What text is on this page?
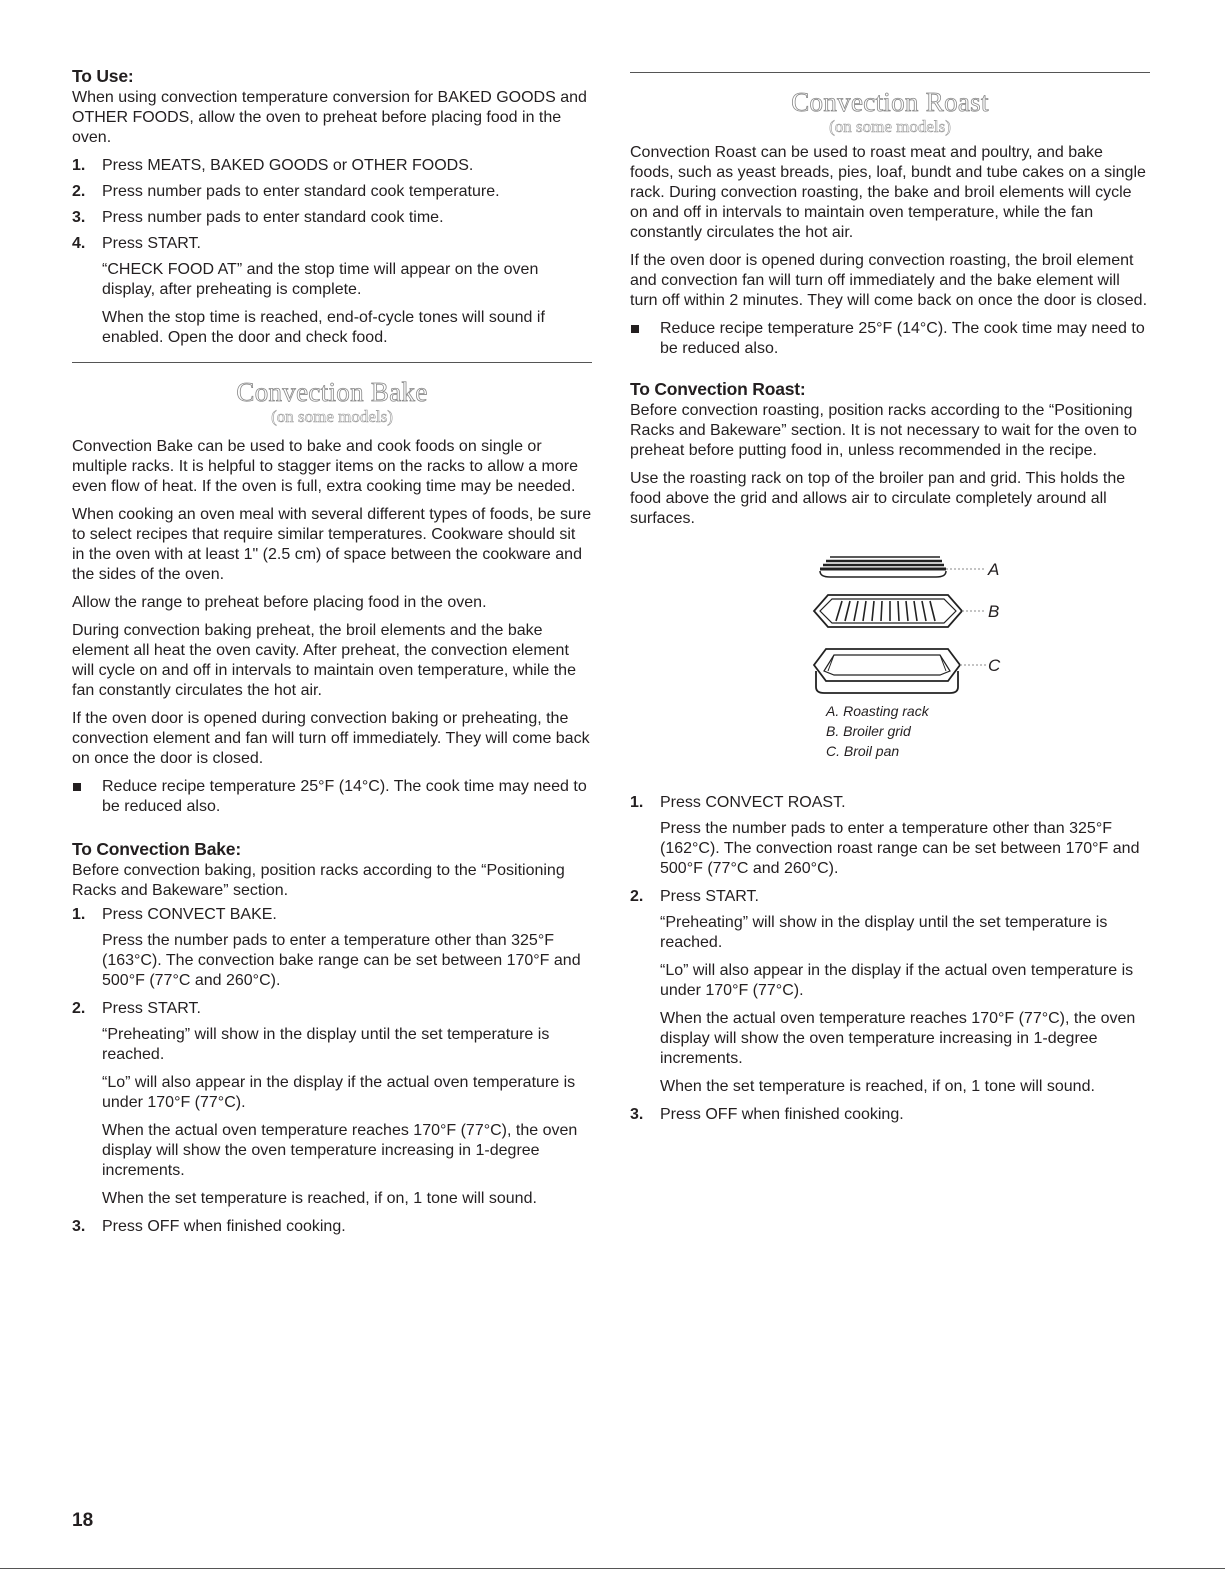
To Use:
When using convection temperature conversion for BAKED GOODS and OTHER FOODS, allow the oven to preheat before placing food in the oven.
1. Press MEATS, BAKED GOODS or OTHER FOODS.
2. Press number pads to enter standard cook temperature.
3. Press number pads to enter standard cook time.
4. Press START.
“CHECK FOOD AT” and the stop time will appear on the oven display, after preheating is complete.
When the stop time is reached, end-of-cycle tones will sound if enabled. Open the door and check food.
Convection Bake
(on some models)
Convection Bake can be used to bake and cook foods on single or multiple racks. It is helpful to stagger items on the racks to allow a more even flow of heat. If the oven is full, extra cooking time may be needed.
When cooking an oven meal with several different types of foods, be sure to select recipes that require similar temperatures. Cookware should sit in the oven with at least 1" (2.5 cm) of space between the cookware and the sides of the oven.
Allow the range to preheat before placing food in the oven.
During convection baking preheat, the broil elements and the bake element all heat the oven cavity. After preheat, the convection element will cycle on and off in intervals to maintain oven temperature, while the fan constantly circulates the hot air.
If the oven door is opened during convection baking or preheating, the convection element and fan will turn off immediately. They will come back on once the door is closed.
Reduce recipe temperature 25°F (14°C). The cook time may need to be reduced also.
To Convection Bake:
Before convection baking, position racks according to the “Positioning Racks and Bakeware” section.
1. Press CONVECT BAKE.
Press the number pads to enter a temperature other than 325°F (163°C). The convection bake range can be set between 170°F and 500°F (77°C and 260°C).
2. Press START.
“Preheating” will show in the display until the set temperature is reached.
“Lo” will also appear in the display if the actual oven temperature is under 170°F (77°C).
When the actual oven temperature reaches 170°F (77°C), the oven display will show the oven temperature increasing in 1-degree increments.
When the set temperature is reached, if on, 1 tone will sound.
3. Press OFF when finished cooking.
Convection Roast
(on some models)
Convection Roast can be used to roast meat and poultry, and bake foods, such as yeast breads, pies, loaf, bundt and tube cakes on a single rack. During convection roasting, the bake and broil elements will cycle on and off in intervals to maintain oven temperature, while the fan constantly circulates the hot air.
If the oven door is opened during convection roasting, the broil element and convection fan will turn off immediately and the bake element will turn off within 2 minutes. They will come back on once the door is closed.
Reduce recipe temperature 25°F (14°C). The cook time may need to be reduced also.
To Convection Roast:
Before convection roasting, position racks according to the “Positioning Racks and Bakeware” section. It is not necessary to wait for the oven to preheat before putting food in, unless recommended in the recipe.
Use the roasting rack on top of the broiler pan and grid. This holds the food above the grid and allows air to circulate completely around all surfaces.
A
B
C
A. Roasting rack
B. Broiler grid
C. Broil pan
1. Press CONVECT ROAST.
Press the number pads to enter a temperature other than 325°F (162°C). The convection roast range can be set between 170°F and 500°F (77°C and 260°C).
2. Press START.
“Preheating” will show in the display until the set temperature is reached.
“Lo” will also appear in the display if the actual oven temperature is under 170°F (77°C).
When the actual oven temperature reaches 170°F (77°C), the oven display will show the oven temperature increasing in 1-degree increments.
When the set temperature is reached, if on, 1 tone will sound.
3. Press OFF when finished cooking.
18
